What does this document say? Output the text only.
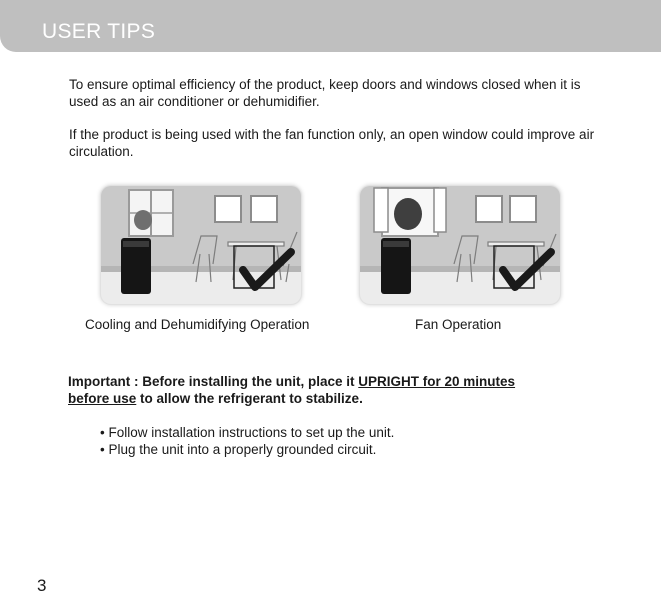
USER TIPS
To ensure optimal efficiency of the product, keep doors and windows closed when it is used as an air conditioner or dehumidifier.
If the product is being used with the fan function only, an open window could improve air circulation.
Cooling and Dehumidifying Operation	Fan Operation
Important : Before installing the unit, place it UPRIGHT for 20 minutes
before use to allow the refrigerant to stabilize.
• Follow installation instructions to set up the unit.
• Plug the unit into a properly grounded circuit.
3
